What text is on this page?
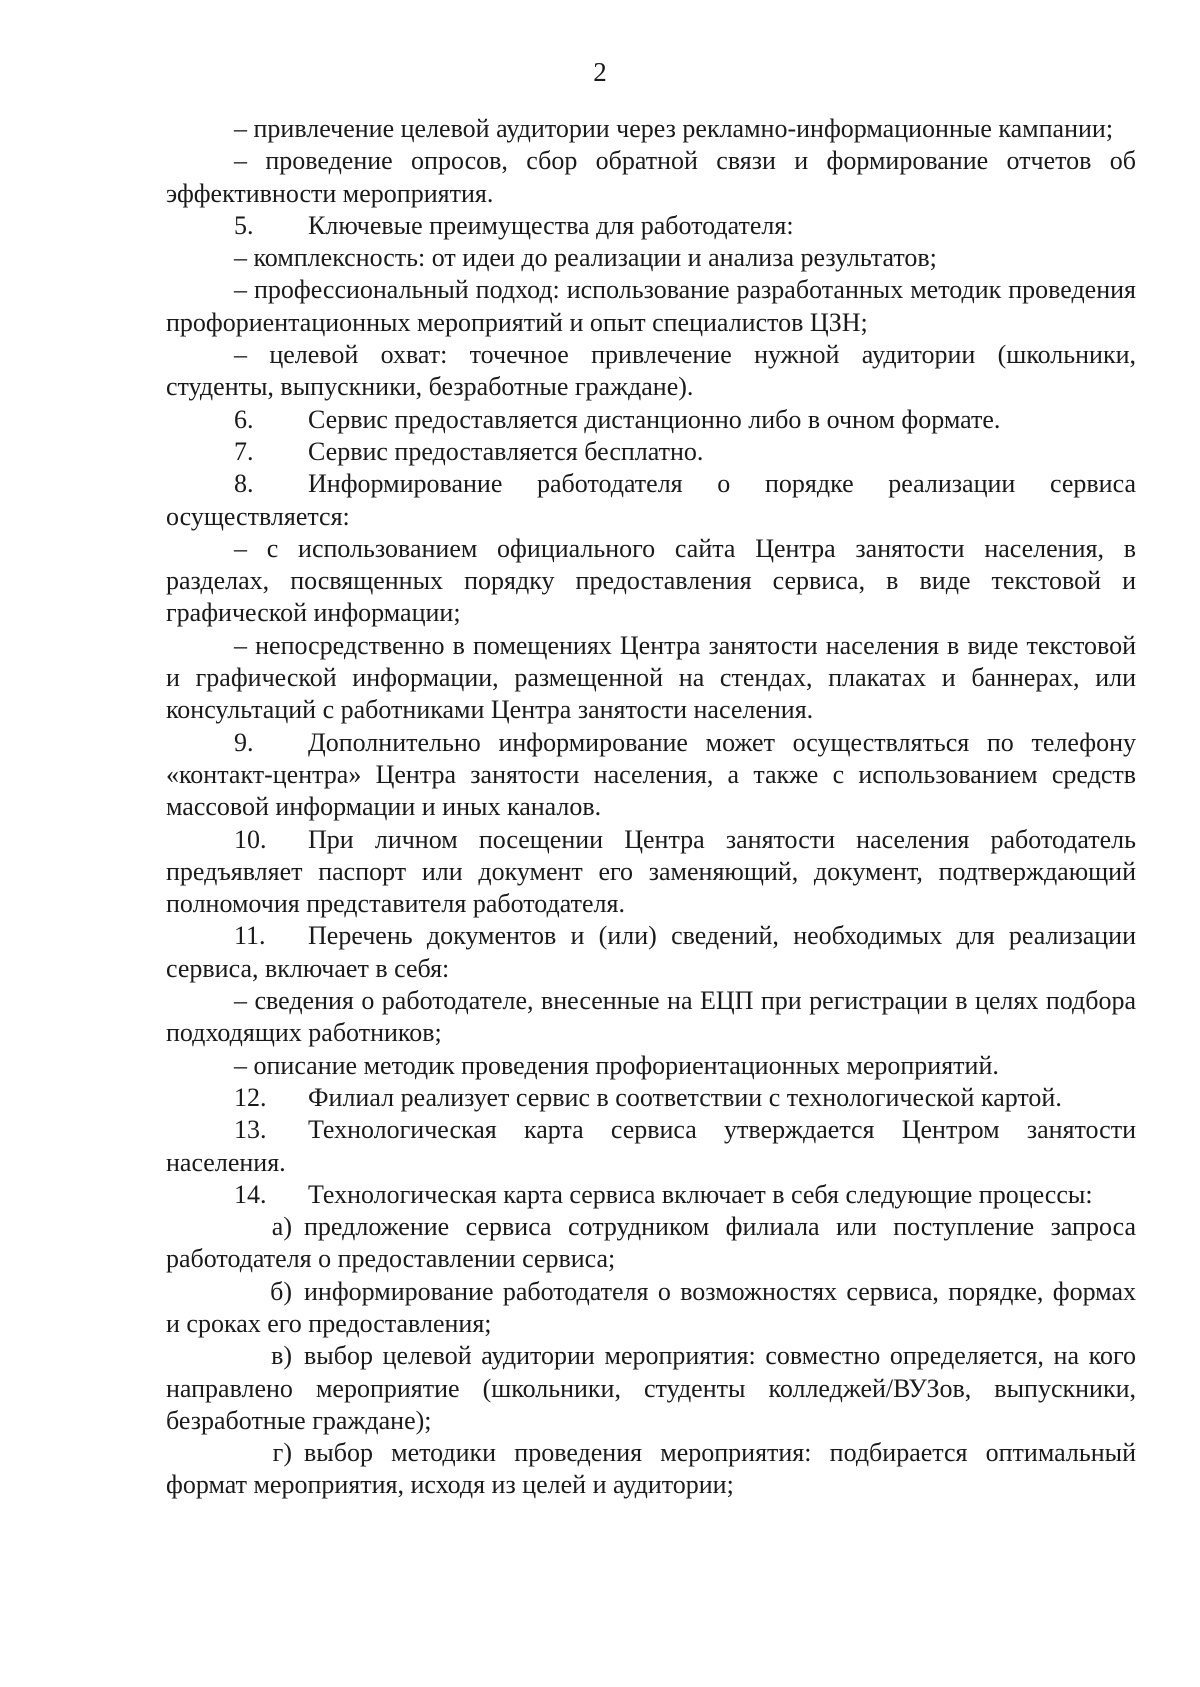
2

– привлечение целевой аудитории через рекламно-информационные кампании;

– проведение опросов, сбор обратной связи и формирование отчетов об эффективности мероприятия.

5. Ключевые преимущества для работодателя:

– комплексность: от идеи до реализации и анализа результатов;

– профессиональный подход: использование разработанных методик проведения профориентационных мероприятий и опыт специалистов ЦЗН;

– целевой охват: точечное привлечение нужной аудитории (школьники, студенты, выпускники, безработные граждане).

6. Сервис предоставляется дистанционно либо в очном формате.

7. Сервис предоставляется бесплатно.

8. Информирование работодателя о порядке реализации сервиса осуществляется:

– с использованием официального сайта Центра занятости населения, в разделах, посвященных порядку предоставления сервиса, в виде текстовой и графической информации;

– непосредственно в помещениях Центра занятости населения в виде текстовой и графической информации, размещенной на стендах, плакатах и баннерах, или консультаций с работниками Центра занятости населения.

9. Дополнительно информирование может осуществляться по телефону «контакт-центра» Центра занятости населения, а также с использованием средств массовой информации и иных каналов.

10. При личном посещении Центра занятости населения работодатель предъявляет паспорт или документ его заменяющий, документ, подтверждающий полномочия представителя работодателя.

11. Перечень документов и (или) сведений, необходимых для реализации сервиса, включает в себя:

– сведения о работодателе, внесенные на ЕЦП при регистрации в целях подбора подходящих работников;

– описание методик проведения профориентационных мероприятий.

12. Филиал реализует сервис в соответствии с технологической картой.

13. Технологическая карта сервиса утверждается Центром занятости населения.

14. Технологическая карта сервиса включает в себя следующие процессы:

а) предложение сервиса сотрудником филиала или поступление запроса работодателя о предоставлении сервиса;

б) информирование работодателя о возможностях сервиса, порядке, формах и сроках его предоставления;

в) выбор целевой аудитории мероприятия: совместно определяется, на кого направлено мероприятие (школьники, студенты колледжей/ВУЗов, выпускники, безработные граждане);

г) выбор методики проведения мероприятия: подбирается оптимальный формат мероприятия, исходя из целей и аудитории;
